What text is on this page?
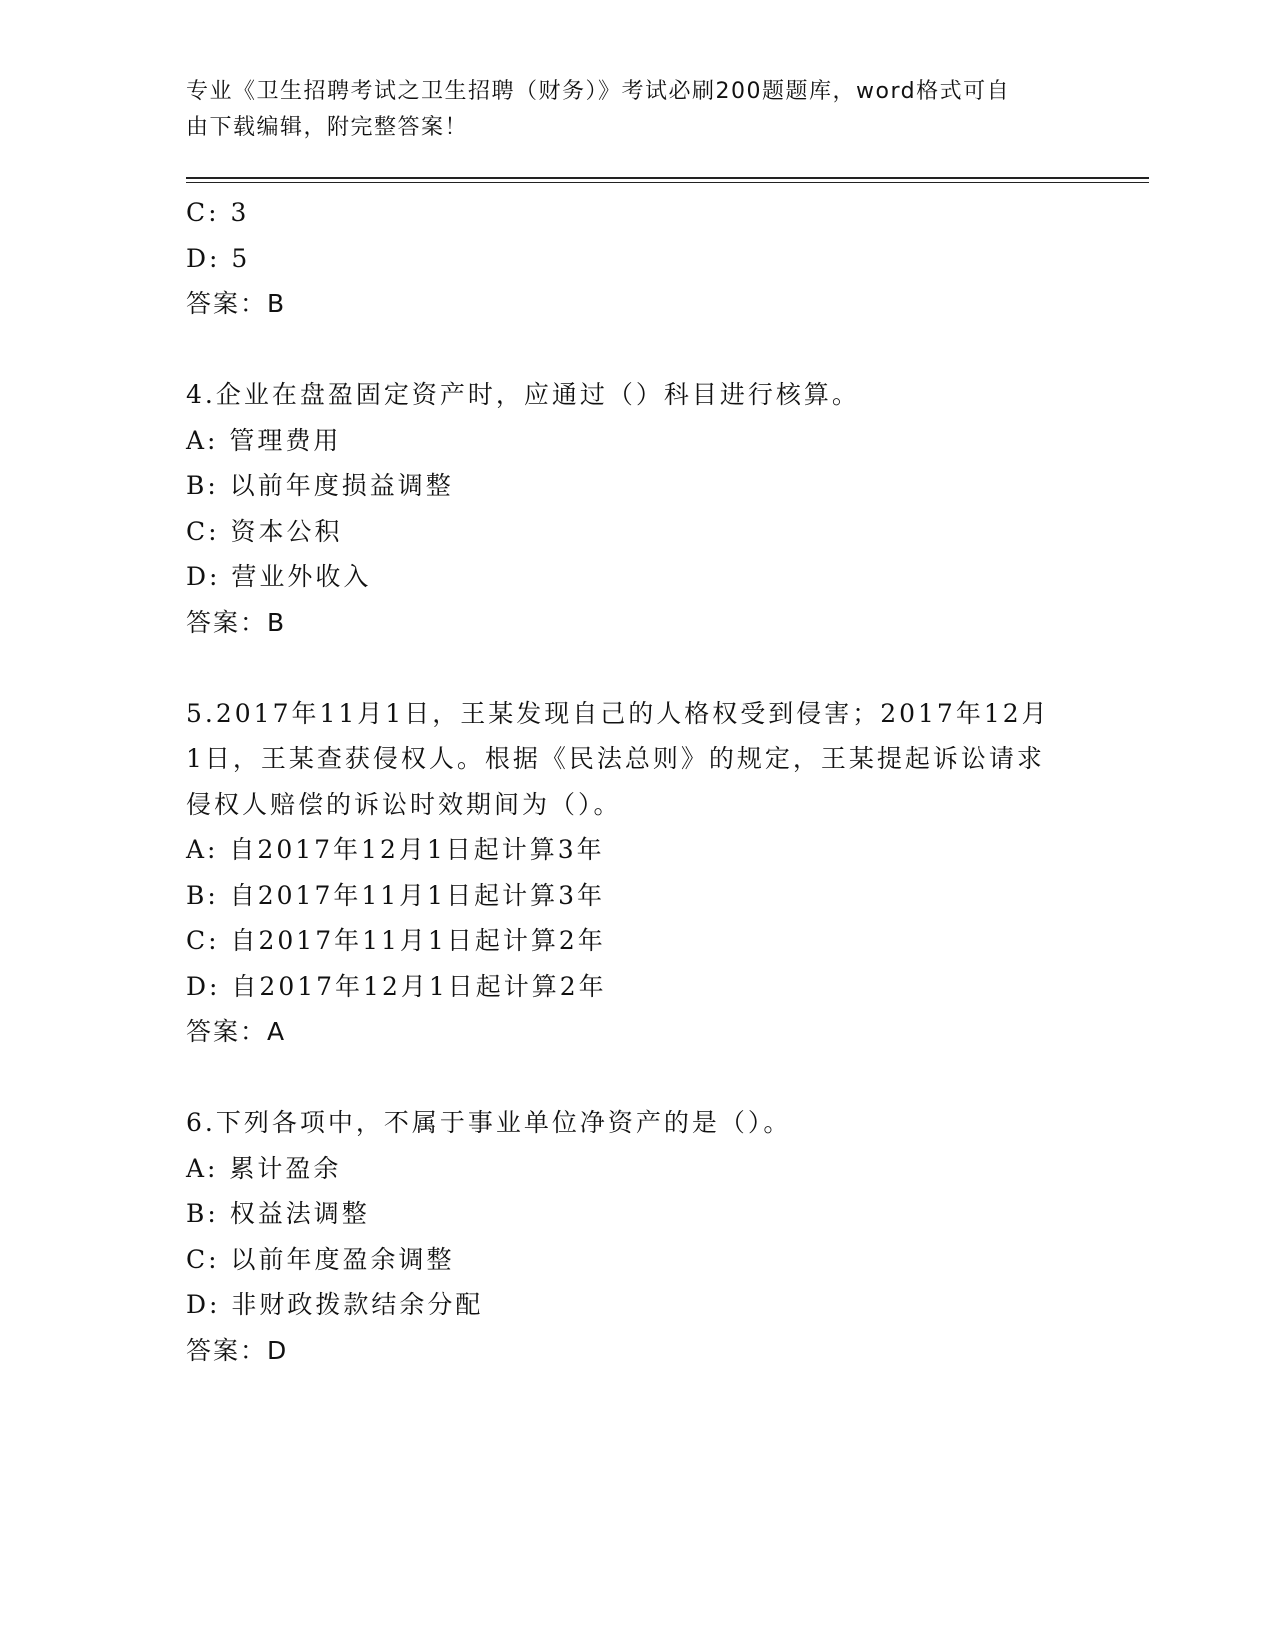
专业《卫生招聘考试之卫生招聘（财务）》考试必刷200题题库，word格式可自
由下载编辑，附完整答案！
C: 3
D: 5
答案：B
4.企业在盘盈固定资产时，应通过（）科目进行核算。
A: 管理费用
B: 以前年度损益调整
C: 资本公积
D: 营业外收入
答案：B
5.2017年11月1日，王某发现自己的人格权受到侵害；2017年12月
1日，王某查获侵权人。根据《民法总则》的规定，王某提起诉讼请求
侵权人赔偿的诉讼时效期间为（）。
A: 自2017年12月1日起计算3年
B: 自2017年11月1日起计算3年
C: 自2017年11月1日起计算2年
D: 自2017年12月1日起计算2年
答案：A
6.下列各项中，不属于事业单位净资产的是（）。
A: 累计盈余
B: 权益法调整
C: 以前年度盈余调整
D: 非财政拨款结余分配
答案：D
